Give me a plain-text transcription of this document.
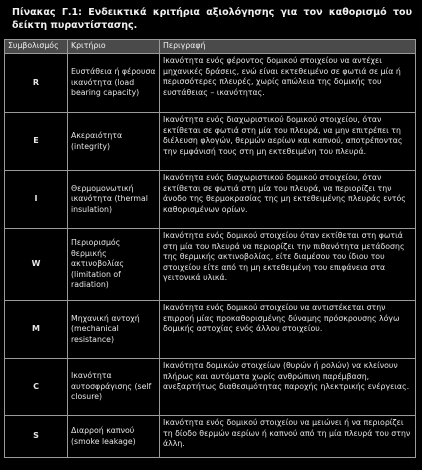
Πίνακας Γ.1: Ενδεικτικά κριτήρια αξιολόγησης για τον καθορισμό του δείκτη πυραντίστασης.
Συμβολισμός	Κριτήριο	Περιγραφή
R	Ευστάθεια ή φέρουσα ικανότητα (load bearing capacity)	Ικανότητα ενός φέροντος δομικού στοιχείου να αντέχει μηχανικές δράσεις, ενώ είναι εκτεθειμένο σε φωτιά σε μία ή περισσότερες πλευρές, χωρίς απώλεια της δομικής του ευστάθειας – ικανότητας.
E	Ακεραιότητα (integrity)	Ικανότητα ενός διαχωριστικού δομικού στοιχείου, όταν εκτίθεται σε φωτιά στη μία του πλευρά, να μην επιτρέπει τη διέλευση φλογών, θερμών αερίων και καπνού, αποτρέποντας την εμφάνισή τους στη μη εκτεθειμένη του πλευρά.
I	Θερμομονωτική ικανότητα (thermal insulation)	Ικανότητα ενός διαχωριστικού δομικού στοιχείου, όταν εκτίθεται σε φωτιά στη μία του πλευρά, να περιορίζει την άνοδο της θερμοκρασίας της μη εκτεθειμένης πλευράς εντός καθορισμένων ορίων.
W	Περιορισμός θερμικής ακτινοβολίας (limitation of radiation)	Ικανότητα ενός δομικού στοιχείου όταν εκτίθεται στη φωτιά στη μία του πλευρά να περιορίζει την πιθανότητα μετάδοσης της θερμικής ακτινοβολίας, είτε διαμέσου του ίδιου του στοιχείου είτε από τη μη εκτεθειμένη του επιφάνεια στα γειτονικά υλικά.
M	Μηχανική αντοχή (mechanical resistance)	Ικανότητα ενός δομικού στοιχείου να αντιστέκεται στην επιρροή μίας προκαθορισμένης δύναμης πρόσκρουσης λόγω δομικής αστοχίας ενός άλλου στοιχείου.
C	Ικανότητα αυτοσφράγισης (self closure)	Ικανότητα δομικών στοιχείων (θυρών ή ρολών) να κλείνουν πλήρως και αυτόματα χωρίς ανθρώπινη παρέμβαση, ανεξαρτήτως διαθεσιμότητας παροχής ηλεκτρικής ενέργειας.
S	Διαρροή καπνού (smoke leakage)	Ικανότητα ενός δομικού στοιχείου να μειώνει ή να περιορίζει τη δίοδο θερμών αερίων ή καπνού από τη μία πλευρά του στην άλλη.
